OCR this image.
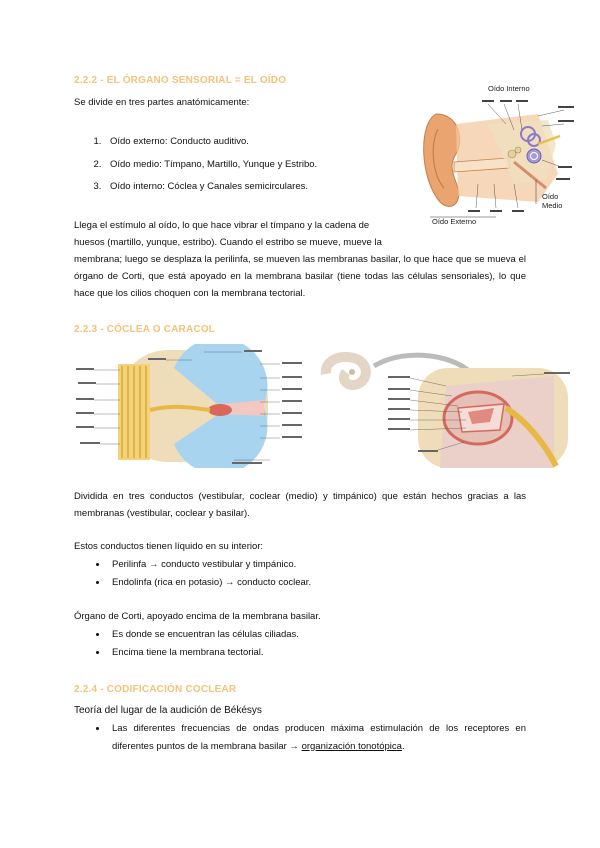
2.2.2 - EL ÓRGANO SENSORIAL = EL OÍDO
Se divide en tres partes anatómicamente:
1. Oído externo: Conducto auditivo.
2. Oído medio: Tímpano, Martillo, Yunque y Estribo.
3. Oído interno: Cóclea y Canales semicirculares.
Oído Interno
Oído Externo
Oído Medio
Llega el estímulo al oído, lo que hace vibrar el tímpano y la cadena de
huesos (martillo, yunque, estribo). Cuando el estribo se mueve, mueve la
membrana; luego se desplaza la perilinfa, se mueven las membranas basilar, lo que hace que se mueva el órgano de Corti, que está apoyado en la membrana basilar (tiene todas las células sensoriales), lo que hace que los cilios choquen con la membrana tectorial.
2.2.3 - CÓCLEA O CARACOL
Dividida en tres conductos (vestibular, coclear (medio) y timpánico) que están hechos gracias a las membranas (vestibular, coclear y basilar).
Estos conductos tienen líquido en su interior:
• Perilinfa → conducto vestibular y timpánico.
• Endolinfa (rica en potasio) → conducto coclear.
Órgano de Corti, apoyado encima de la membrana basilar.
• Es donde se encuentran las células ciliadas.
• Encima tiene la membrana tectorial.
2.2.4 - CODIFICACIÓN COCLEAR
Teoría del lugar de la audición de Békésys
• Las diferentes frecuencias de ondas producen máxima estimulación de los receptores en diferentes puntos de la membrana basilar → organización tonotópica.
